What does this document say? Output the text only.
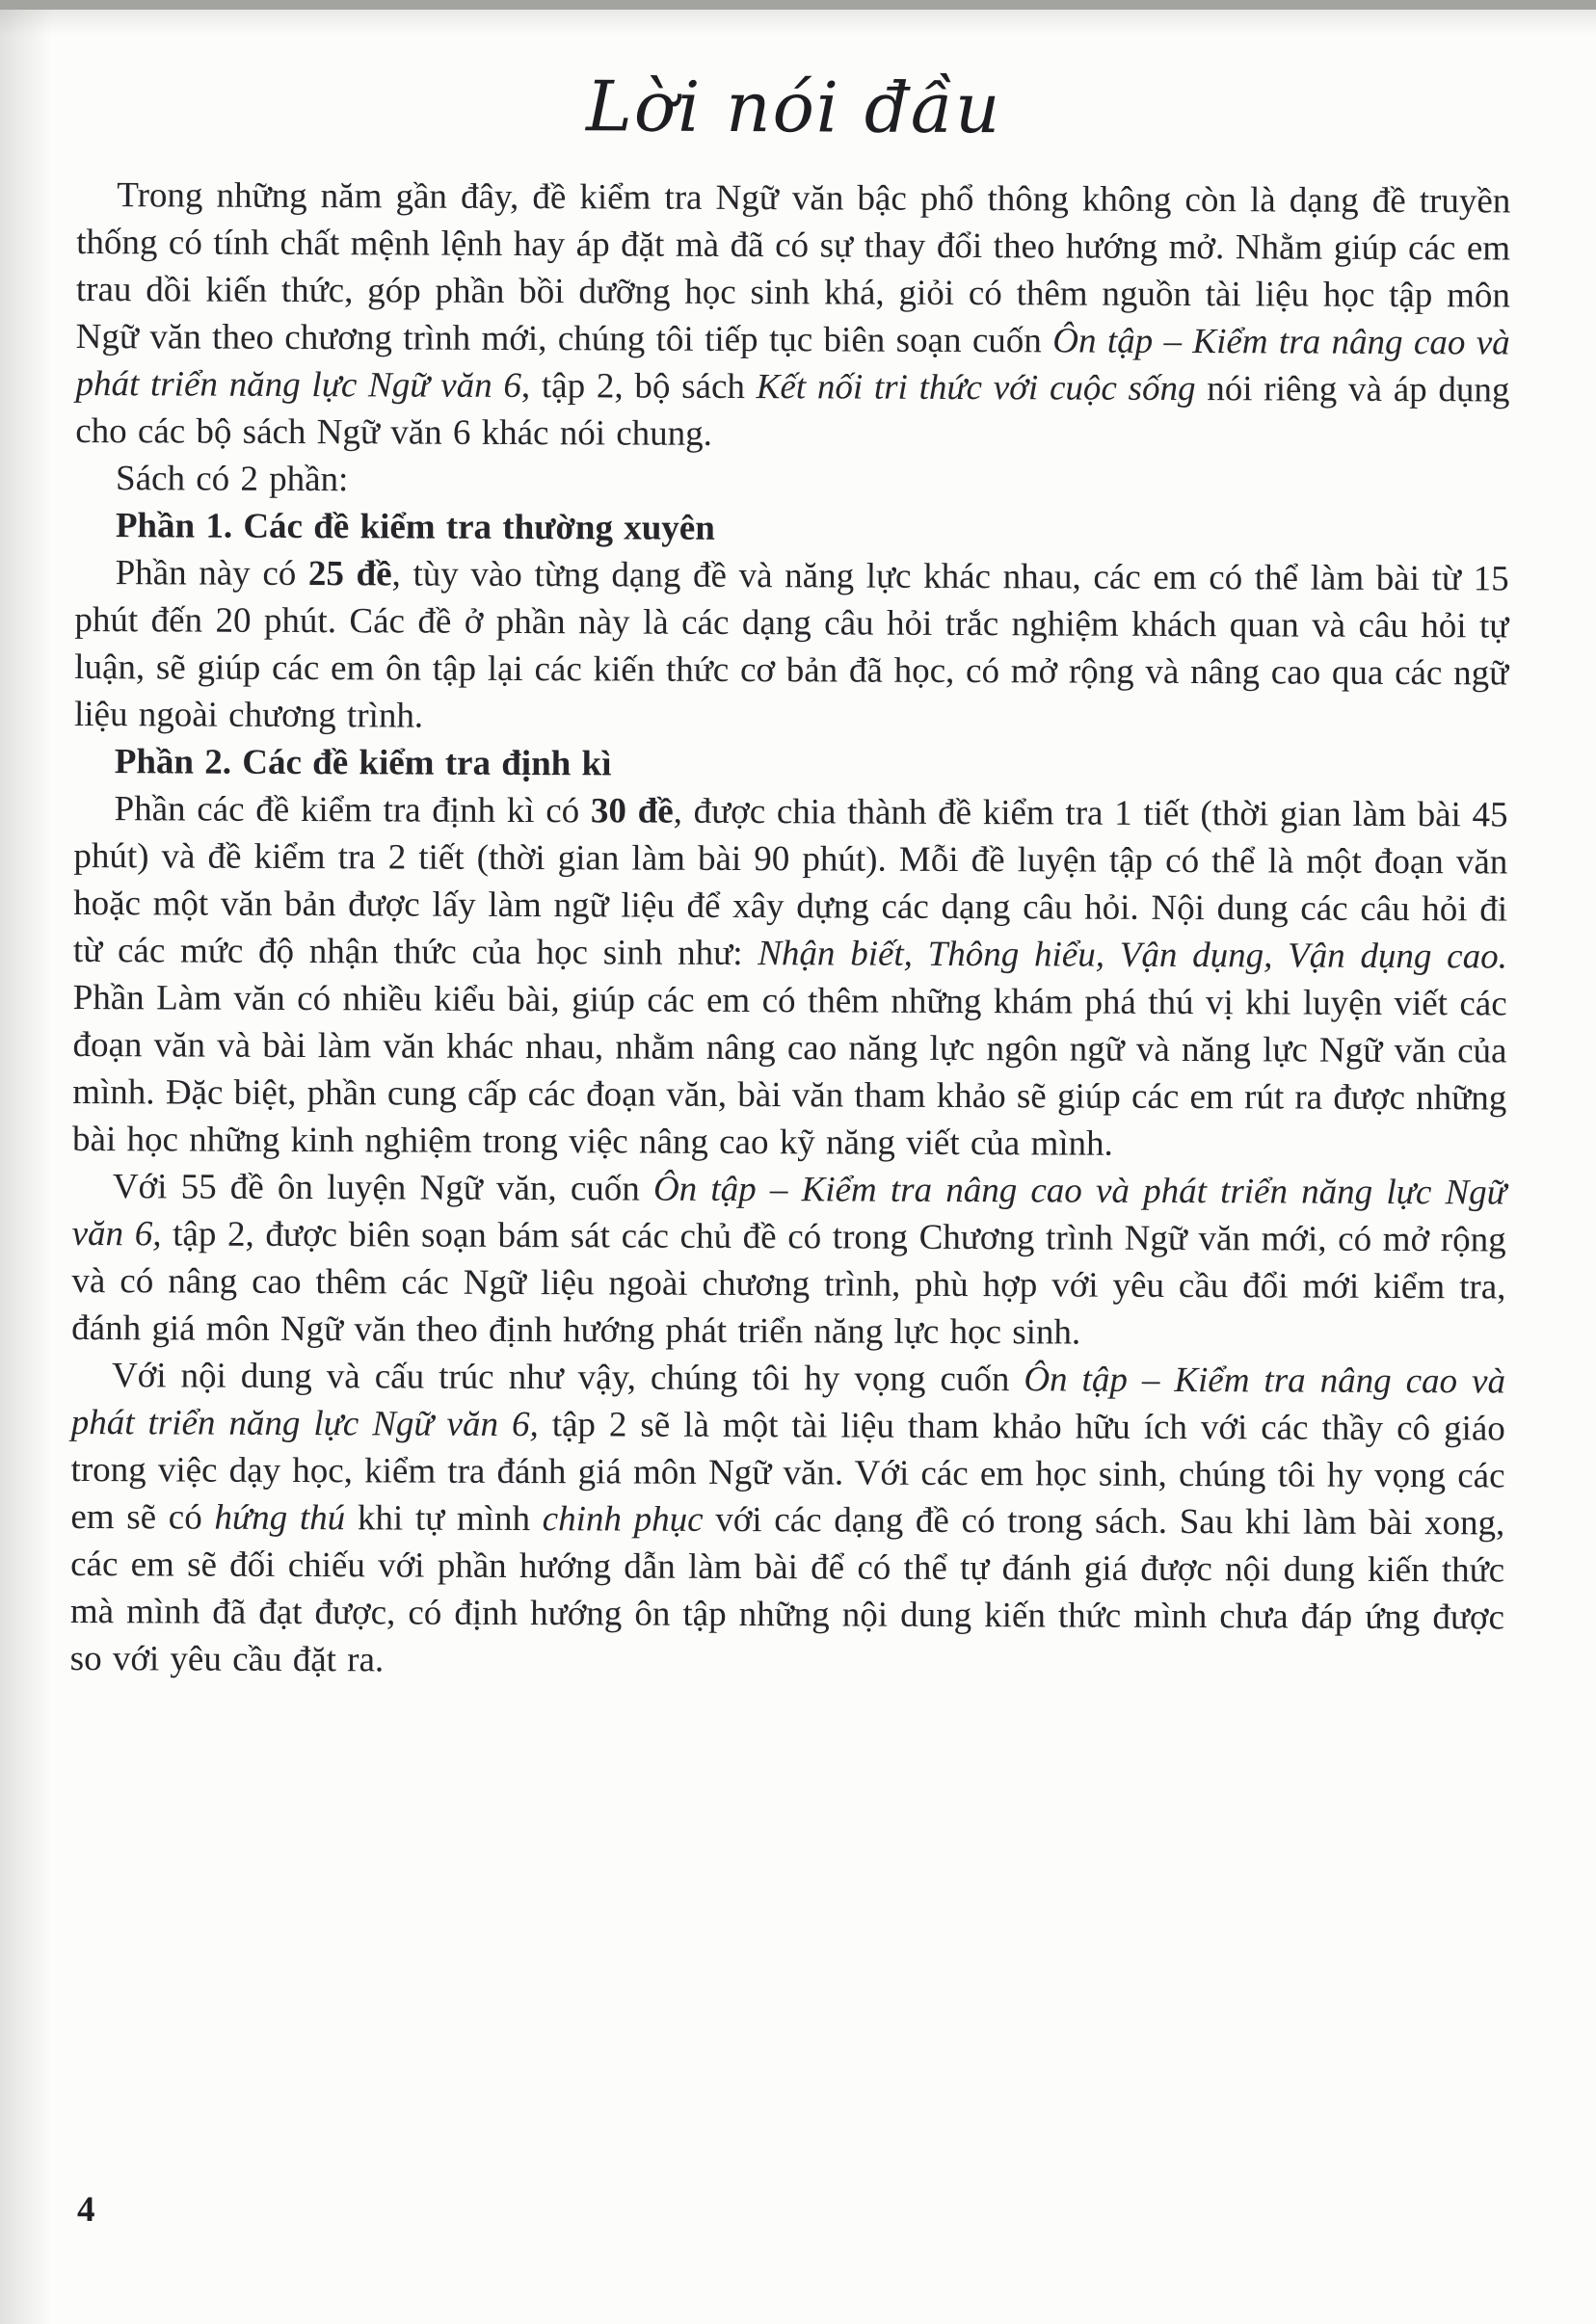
Lời nói đầu

Trong những năm gần đây, đề kiểm tra Ngữ văn bậc phổ thông không còn là dạng đề truyền thống có tính chất mệnh lệnh hay áp đặt mà đã có sự thay đổi theo hướng mở. Nhằm giúp các em trau dồi kiến thức, góp phần bồi dưỡng học sinh khá, giỏi có thêm nguồn tài liệu học tập môn Ngữ văn theo chương trình mới, chúng tôi tiếp tục biên soạn cuốn Ôn tập – Kiểm tra nâng cao và phát triển năng lực Ngữ văn 6, tập 2, bộ sách Kết nối tri thức với cuộc sống nói riêng và áp dụng cho các bộ sách Ngữ văn 6 khác nói chung.

Sách có 2 phần:

Phần 1. Các đề kiểm tra thường xuyên

Phần này có 25 đề, tùy vào từng dạng đề và năng lực khác nhau, các em có thể làm bài từ 15 phút đến 20 phút. Các đề ở phần này là các dạng câu hỏi trắc nghiệm khách quan và câu hỏi tự luận, sẽ giúp các em ôn tập lại các kiến thức cơ bản đã học, có mở rộng và nâng cao qua các ngữ liệu ngoài chương trình.

Phần 2. Các đề kiểm tra định kì

Phần các đề kiểm tra định kì có 30 đề, được chia thành đề kiểm tra 1 tiết (thời gian làm bài 45 phút) và đề kiểm tra 2 tiết (thời gian làm bài 90 phút). Mỗi đề luyện tập có thể là một đoạn văn hoặc một văn bản được lấy làm ngữ liệu để xây dựng các dạng câu hỏi. Nội dung các câu hỏi đi từ các mức độ nhận thức của học sinh như: Nhận biết, Thông hiểu, Vận dụng, Vận dụng cao. Phần Làm văn có nhiều kiểu bài, giúp các em có thêm những khám phá thú vị khi luyện viết các đoạn văn và bài làm văn khác nhau, nhằm nâng cao năng lực ngôn ngữ và năng lực Ngữ văn của mình. Đặc biệt, phần cung cấp các đoạn văn, bài văn tham khảo sẽ giúp các em rút ra được những bài học những kinh nghiệm trong việc nâng cao kỹ năng viết của mình.

Với 55 đề ôn luyện Ngữ văn, cuốn Ôn tập – Kiểm tra nâng cao và phát triển năng lực Ngữ văn 6, tập 2, được biên soạn bám sát các chủ đề có trong Chương trình Ngữ văn mới, có mở rộng và có nâng cao thêm các Ngữ liệu ngoài chương trình, phù hợp với yêu cầu đổi mới kiểm tra, đánh giá môn Ngữ văn theo định hướng phát triển năng lực học sinh.

Với nội dung và cấu trúc như vậy, chúng tôi hy vọng cuốn Ôn tập – Kiểm tra nâng cao và phát triển năng lực Ngữ văn 6, tập 2 sẽ là một tài liệu tham khảo hữu ích với các thầy cô giáo trong việc dạy học, kiểm tra đánh giá môn Ngữ văn. Với các em học sinh, chúng tôi hy vọng các em sẽ có hứng thú khi tự mình chinh phục với các dạng đề có trong sách. Sau khi làm bài xong, các em sẽ đối chiếu với phần hướng dẫn làm bài để có thể tự đánh giá được nội dung kiến thức mà mình đã đạt được, có định hướng ôn tập những nội dung kiến thức mình chưa đáp ứng được so với yêu cầu đặt ra.

4
